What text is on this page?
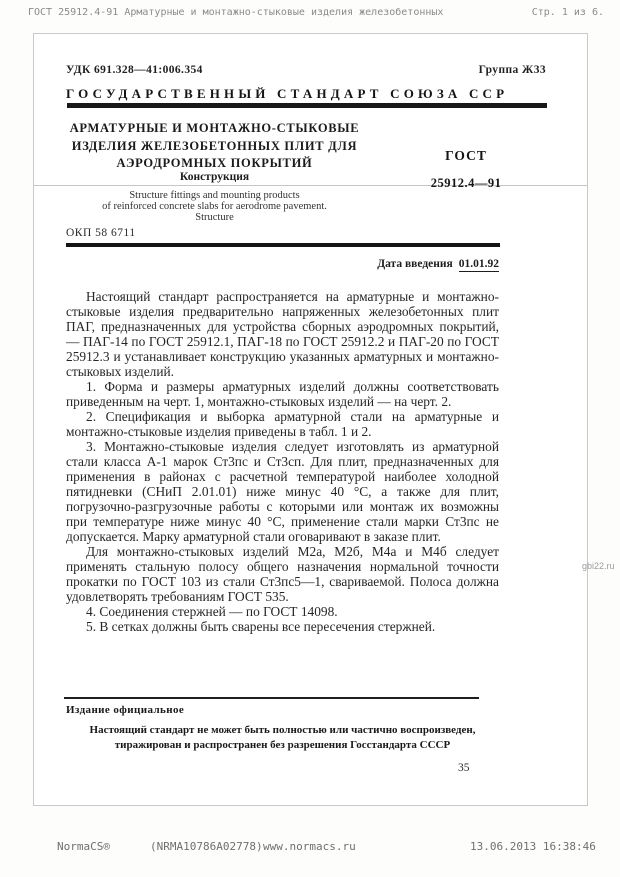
ГОСТ 25912.4-91 Арматурные и монтажно-стыковые изделия железобетонных	Стр. 1 из 6.
УДК 691.328—41:006.354	Группа Ж33
ГОСУДАРСТВЕННЫЙ СТАНДАРТ СОЮЗА ССР
АРМАТУРНЫЕ И МОНТАЖНО-СТЫКОВЫЕ
ИЗДЕЛИЯ ЖЕЛЕЗОБЕТОННЫХ ПЛИТ ДЛЯ
АЭРОДРОМНЫХ ПОКРЫТИЙ
Конструкция
Structure fittings and mounting products
of reinforced concrete slabs for aerodrome pavement.
Structure
ОКП 58 6711
ГОСТ
25912.4—91
Дата введения 01.01.92

Настоящий стандарт распространяется на арматурные и монтажно-стыковые изделия предварительно напряженных железобетонных плит ПАГ, предназначенных для устройства сборных аэродромных покрытий, — ПАГ-14 по ГОСТ 25912.1, ПАГ-18 по ГОСТ 25912.2 и ПАГ-20 по ГОСТ 25912.3 и устанавливает конструкцию указанных арматурных и монтажно-стыковых изделий.

1. Форма и размеры арматурных изделий должны соответствовать приведенным на черт. 1, монтажно-стыковых изделий — на черт. 2.

2. Спецификация и выборка арматурной стали на арматурные и монтажно-стыковые изделия приведены в табл. 1 и 2.

3. Монтажно-стыковые изделия следует изготовлять из арматурной стали класса А-1 марок Ст3пс и Ст3сп. Для плит, предназначенных для применения в районах с расчетной температурой наиболее холодной пятидневки (СНиП 2.01.01) ниже минус 40 °С, а также для плит, погрузочно-разгрузочные работы с которыми или монтаж их возможны при температуре ниже минус 40 °С, применение стали марки Ст3пс не допускается. Марку арматурной стали оговаривают в заказе плит.

Для монтажно-стыковых изделий М2а, М2б, М4а и М4б следует применять стальную полосу общего назначения нормальной точности прокатки по ГОСТ 103 из стали Ст3пс5—1, свариваемой. Полоса должна удовлетворять требованиям ГОСТ 535.

4. Соединения стержней — по ГОСТ 14098.

5. В сетках должны быть сварены все пересечения стержней.

Издание официальное
Настоящий стандарт не может быть полностью или частично воспроизведен,
тиражирован и распространен без разрешения Госстандарта СССР
35
gbi22.ru
NormaCS®	(NRMA10786A02778) www.normacs.ru	13.06.2013 16:38:46
